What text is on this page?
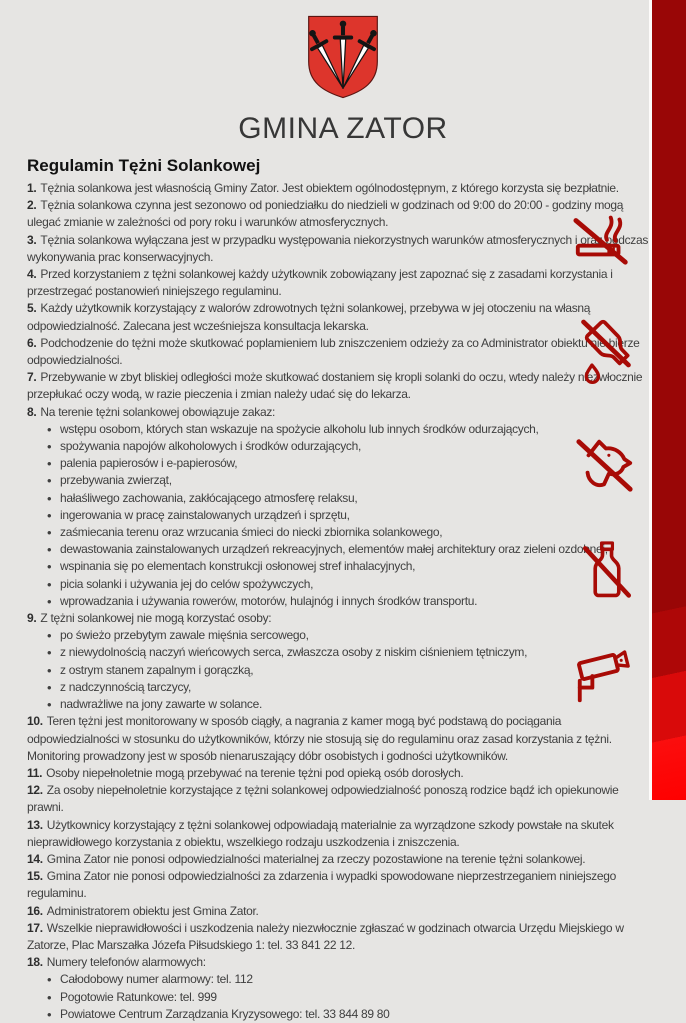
GMINA ZATOR
Regulamin Tężni Solankowej
1. Tężnia solankowa jest własnością Gminy Zator. Jest obiektem ogólnodostępnym, z którego korzysta się bezpłatnie.
2. Tężnia solankowa czynna jest sezonowo od poniedziałku do niedzieli w godzinach od 9:00 do 20:00 - godziny mogą ulegać zmianie w zależności od pory roku i warunków atmosferycznych.
3. Tężnia solankowa wyłączana jest w przypadku występowania niekorzystnych warunków atmosferycznych i oraz podczas wykonywania prac konserwacyjnych.
4. Przed korzystaniem z tężni solankowej każdy użytkownik zobowiązany jest zapoznać się z zasadami korzystania i przestrzegać postanowień niniejszego regulaminu.
5. Każdy użytkownik korzystający z walorów zdrowotnych tężni solankowej, przebywa w jej otoczeniu na własną odpowiedzialność. Zalecana jest wcześniejsza konsultacja lekarska.
6. Podchodzenie do tężni może skutkować poplamieniem lub zniszczeniem odzieży za co Administrator obiektu nie bierze odpowiedzialności.
7. Przebywanie w zbyt bliskiej odległości może skutkować dostaniem się kropli solanki do oczu, wtedy należy niezwłocznie przepłukać oczy wodą, w razie pieczenia i zmian należy udać się do lekarza.
8. Na terenie tężni solankowej obowiązuje zakaz:
• wstępu osobom, których stan wskazuje na spożycie alkoholu lub innych środków odurzających,
• spożywania napojów alkoholowych i środków odurzających,
• palenia papierosów i e-papierosów,
• przebywania zwierząt,
• hałaśliwego zachowania, zakłócającego atmosferę relaksu,
• ingerowania w pracę zainstalowanych urządzeń i sprzętu,
• zaśmiecania terenu oraz wrzucania śmieci do niecki zbiornika solankowego,
• dewastowania zainstalowanych urządzeń rekreacyjnych, elementów małej architektury oraz zieleni ozdobnej,
• wspinania się po elementach konstrukcji osłonowej stref inhalacyjnych,
• picia solanki i używania jej do celów spożywczych,
• wprowadzania i używania rowerów, motorów, hulajnóg i innych środków transportu.
9. Z tężni solankowej nie mogą korzystać osoby:
• po świeżo przebytym zawale mięśnia sercowego,
• z niewydolnością naczyń wieńcowych serca, zwłaszcza osoby z niskim ciśnieniem tętniczym,
• z ostrym stanem zapalnym i gorączką,
• z nadczynnością tarczycy,
• nadwrażliwe na jony zawarte w solance.
10. Teren tężni jest monitorowany w sposób ciągły, a nagrania z kamer mogą być podstawą do pociągania odpowiedzialności w stosunku do użytkowników, którzy nie stosują się do regulaminu oraz zasad korzystania z tężni. Monitoring prowadzony jest w sposób nienaruszający dóbr osobistych i godności użytkowników.
11. Osoby niepełnoletnie mogą przebywać na terenie tężni pod opieką osób dorosłych.
12. Za osoby niepełnoletnie korzystające z tężni solankowej odpowiedzialność ponoszą rodzice bądź ich opiekunowie prawni.
13. Użytkownicy korzystający z tężni solankowej odpowiadają materialnie za wyrządzone szkody powstałe na skutek nieprawidłowego korzystania z obiektu, wszelkiego rodzaju uszkodzenia i zniszczenia.
14. Gmina Zator nie ponosi odpowiedzialności materialnej za rzeczy pozostawione na terenie tężni solankowej.
15. Gmina Zator nie ponosi odpowiedzialności za zdarzenia i wypadki spowodowane nieprzestrzeganiem niniejszego regulaminu.
16. Administratorem obiektu jest Gmina Zator.
17. Wszelkie nieprawidłowości i uszkodzenia należy niezwłocznie zgłaszać w godzinach otwarcia Urzędu Miejskiego w Zatorze, Plac Marszałka Józefa Piłsudskiego 1: tel. 33 841 22 12.
18. Numery telefonów alarmowych:
• Całodobowy numer alarmowy: tel. 112
• Pogotowie Ratunkowe: tel. 999
• Powiatowe Centrum Zarządzania Kryzysowego: tel. 33 844 89 80
